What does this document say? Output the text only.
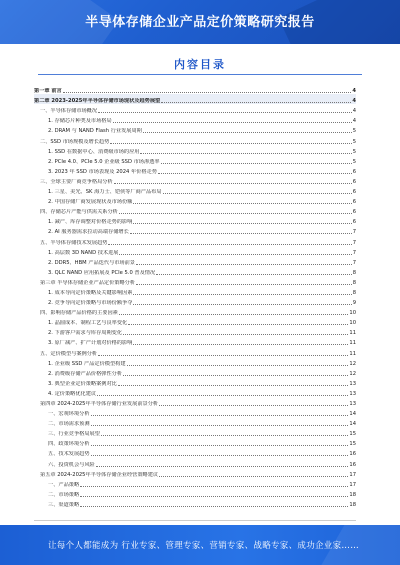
半导体存储企业产品定价策略研究报告
内容目录
第一章 前言	4
第二章 2023-2025年半导体存储市场现状及趋势展望	4
一、半导体存储市场概况	4
1. 存储芯片种类及市场格局	4
2. DRAM 与 NAND Flash 行业发展周期	5
二、SSD 市场规模及增长趋势	5
1. SSD 在数据中心、消费级市场的应用	5
2. PCIe 4.0、PCIe 5.0 企业级 SSD 市场渗透率	5
3. 2023 年 SSD 市场表现及 2024 年价格走势	6
三、全球主要厂商竞争格局分析	6
1. 三星、美光、SK 海力士、铠侠等厂商产品布局	6
2. 中国存储厂商发展现状及市场份额	6
四、存储芯片产能与供需关系分析	6
1. 减产、库存调整对价格走势的影响	6
2. AI 服务器需求拉动高端存储增长	7
五、半导体存储技术发展趋势	7
1. 高层数 3D NAND 技术进展	7
2. DDR5、HBM 产品迭代与市场前景	7
3. QLC NAND 应用拓展及 PCIe 5.0 普及情况	8
第三章 半导体存储企业产品定价策略分析	8
1. 成本导向定价策略及关键影响因素	8
2. 竞争导向定价策略与市场份额争夺	9
四、影响存储产品价格的主要因素	10
1. 晶圆成本、制程工艺与良率变化	10
2. 下游客户需求与库存周期变化	11
3. 原厂减产、扩产计划对价格的影响	11
五、定价模型与案例分析	11
1. 企业级 SSD 产品定价模型构建	12
2. 消费级存储产品价格弹性分析	12
3. 典型企业定价策略案例对比	13
4. 定价策略优化建议	13
第四章 2024-2025年半导体存储行业发展前景分析	13
一、宏观环境分析	14
二、市场需求预测	14
三、行业竞争格局展望	15
四、政策环境分析	15
五、技术发展趋势	16
六、投资机会与风险	16
第五章 2024-2025年半导体存储企业经营策略建议	17
一、产品策略	17
二、市场策略	18
三、渠道策略	18
让每个人都能成为 行业专家、管理专家、营销专家、战略专家、成功企业家……
